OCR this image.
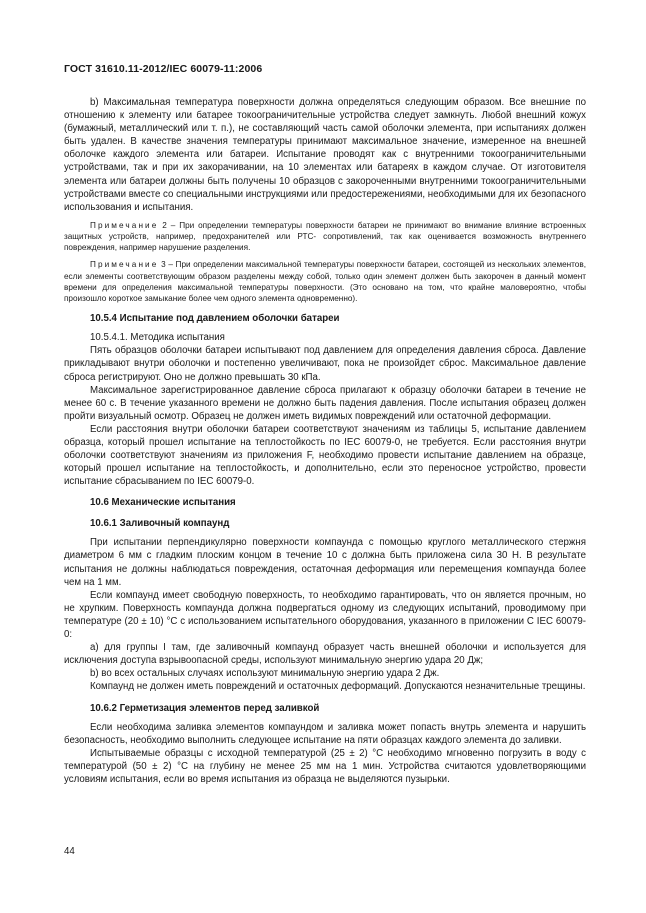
ГОСТ 31610.11-2012/IEC 60079-11:2006

b) Максимальная температура поверхности должна определяться следующим образом. Все внешние по отношению к элементу или батарее токоограничительные устройства следует замкнуть. Любой внешний кожух (бумажный, металлический или т. п.), не составляющий часть самой оболочки элемента, при испытаниях должен быть удален. В качестве значения температуры принимают максимальное значение, измеренное на внешней оболочке каждого элемента или батареи. Испытание проводят как с внутренними токоограничительными устройствами, так и при их закорачивании, на 10 элементах или батареях в каждом случае. От изготовителя элемента или батареи должны быть получены 10 образцов с закороченными внутренними токоограничительными устройствами вместе со специальными инструкциями или предостережениями, необходимыми для их безопасного использования и испытания.

Примечание 2 – При определении температуры поверхности батареи не принимают во внимание влияние встроенных защитных устройств, например, предохранителей или РТС- сопротивлений, так как оценивается возможность внутреннего повреждения, например нарушение разделения.

Примечание 3 – При определении максимальной температуры поверхности батареи, состоящей из нескольких элементов, если элементы соответствующим образом разделены между собой, только один элемент должен быть закорочен в данный момент времени для определения максимальной температуры поверхности. (Это основано на том, что крайне маловероятно, чтобы произошло короткое замыкание более чем одного элемента одновременно).

10.5.4 Испытание под давлением оболочки батареи

10.5.4.1. Методика испытания

Пять образцов оболочки батареи испытывают под давлением для определения давления сброса. Давление прикладывают внутри оболочки и постепенно увеличивают, пока не произойдет сброс. Максимальное давление сброса регистрируют. Оно не должно превышать 30 кПа.

Максимальное зарегистрированное давление сброса прилагают к образцу оболочки батареи в течение не менее 60 с. В течение указанного времени не должно быть падения давления. После испытания образец должен пройти визуальный осмотр. Образец не должен иметь видимых повреждений или остаточной деформации.

Если расстояния внутри оболочки батареи соответствуют значениям из таблицы 5, испытание давлением образца, который прошел испытание на теплостойкость по IEC 60079-0, не требуется. Если расстояния внутри оболочки соответствуют значениям из приложения F, необходимо провести испытание давлением на образце, который прошел испытание на теплостойкость, и дополнительно, если это переносное устройство, провести испытание сбрасыванием по IEC 60079-0.

10.6 Механические испытания
10.6.1 Заливочный компаунд

При испытании перпендикулярно поверхности компаунда с помощью круглого металлического стержня диаметром 6 мм с гладким плоским концом в течение 10 с должна быть приложена сила 30 Н. В результате испытания не должны наблюдаться повреждения, остаточная деформация или перемещения компаунда более чем на 1 мм.

Если компаунд имеет свободную поверхность, то необходимо гарантировать, что он является прочным, но не хрупким. Поверхность компаунда должна подвергаться одному из следующих испытаний, проводимому при температуре (20 ± 10) °С с использованием испытательного оборудования, указанного в приложении С IEC 60079-0:

а) для группы I там, где заливочный компаунд образует часть внешней оболочки и используется для исключения доступа взрывоопасной среды, используют минимальную энергию удара 20 Дж;

b) во всех остальных случаях используют минимальную энергию удара 2 Дж.

Компаунд не должен иметь повреждений и остаточных деформаций. Допускаются незначительные трещины.

10.6.2 Герметизация элементов перед заливкой

Если необходима заливка элементов компаундом и заливка может попасть внутрь элемента и нарушить безопасность, необходимо выполнить следующее испытание на пяти образцах каждого элемента до заливки.

Испытываемые образцы с исходной температурой (25 ± 2) °С необходимо мгновенно погрузить в воду с температурой (50 ± 2) °С на глубину не менее 25 мм на 1 мин. Устройства считаются удовлетворяющими условиям испытания, если во время испытания из образца не выделяются пузырьки.

44
